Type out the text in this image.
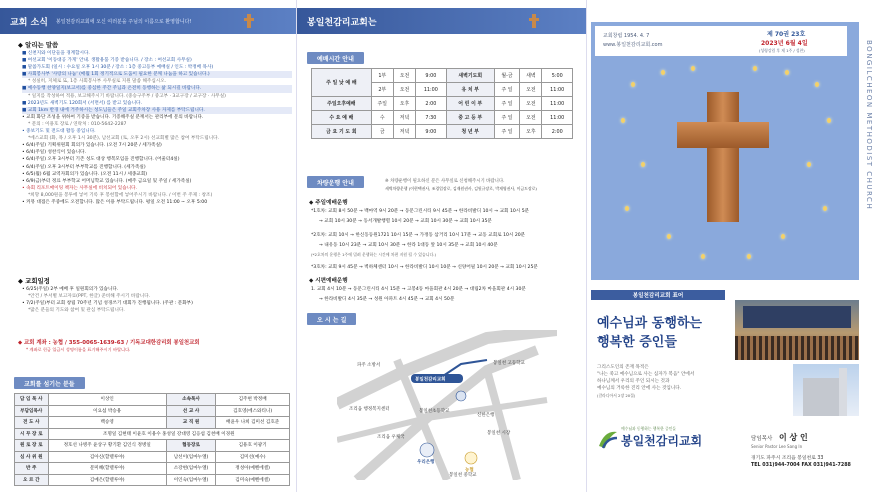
교회 소식 봉일천감리교회에 오신 여러분을 주님의 이름으로 환영합니다!
◆ 알리는 말씀
■ 신천지와 이단들을 경계합시다.
■ 여선교회 '이동대공 가게' 안내. 생활용품 기증 받습니다. / 장소 : 여선교회 사무실)
■ 말씀가도회 (일시 : 수요일 오후 1시 30분 / 장소 : 1층 중고등부 예배실 / 인도 : 박정배 목사)
■ 사회봉사부 '사랑의 나눔' (매월 1회 정기적으로 도움이 필요한 분께 나눔을 하고 있습니다.)
* 성실히, 지체로 또, 1층 사회봉사부 사무실로 지원 말씀 해주십시오.
■ 예수동행 찬양일지(보고서)를 중심한 주간 주님과 온전히 동행하는 삶 되시길 바랍니다.
* 일지를 작성하여 적용, 보고해주시기 바랍니다. (중승구주부 / 중고부 · 3교구장 / 교구장 · 사무실)
■ 2023년도 새벽기도 120회서 (서면서) 를 받고 있습니다.
■ 교회 1km 반경 내에 거주하시는 성도님들은 주일 교회주차장 사용 자제를 부탁드립니다.
• 교회 화단 조성을 위하여 기증을 받습니다. 기증해주실 분께서는 관리부에 문의 바랍니다.
* 문의 : 이용호 장로 / 연락처 : 010-5642-2287
• 중보기도 및 전도대 활동 중입니다.
*에스교회 (화, 목 / 오후 1시 30분), 남선교회 (토, 오후 2시) 선교회별 많은 참여 부탁드립니다.
• 6/4(주일) 기획위원회 회의가 있습니다. (오전 7시 20분 / 세가족실)
• 6/4(주일) 성찬식이 있습니다.
• 6/4(주일) 오후 3시부터 기존 성도 대상 행복모임을 진행합니다. (어울터4실)
• 6/4(주일) 오후 3시부터 부부학교를 진행합니다. (세가족실)
• 6/5(월) 6월 교역자회의가 있습니다. (오전 11시 / 세종교회)
• 6/9(금)부터 정료 부부학교 어머님학교 있습니다. (매주 금요일 및 주일 / 세가족실)
• 속회 리포트매이팅 책자는 사무실에 비치되어 있습니다.
*희망 8,000원을 봉투에 넣어 기록 후 봉헌함에 넣어주시기 바랍니다. / 이번 주 주제 : 창조)
• 커뮤 대접은 주중에도 오전합니다. 많은 이용 부탁드립니다. 평일 오전 11:00 ~ 오후 5:00
◆ 교회일정
• 6/25(주일) 2부 예배 후 일원회의가 있습니다.
*안건 / 부서별 보고자료(PPT, 한글) 준비해 주시기 바랍니다.
• 7/2(주일)부터 교회 창립 70주년 기념 성경쓰기 대회가 진행됩니다. (주관 : 문화부)
*많은 분들의 기도와 참여 및 관심 부탁드립니다.
◆ 교회 계좌 : 농협 / 355-0065-1639-63 / 기독교대한감리회 봉일천교회
* 계좌로 헌금 입금시 성명이름을 표기해주시기 바랍니다.
교회를 섬기는 분들
담 임 목 사	이상인	소속목사	김주현 박정배
부담임목사	이요섭 박승용	선 교 사	김호영(에스와티니)
전 도 사	백승영	교 직 원	배윤우 나희 김미선 김호준
시 무 장 로	조명일 김현태 이윤호 이용수 홍성일 강대영 김응섭 김천배 이경원		
원 로 장 로	정호선 나병주 윤상구 황기환 김인식 정병일	협동장로	김용호 이광기
심 사 위 원	김아신(할렐루야)	남선이(임마누엘)	김미선(예수)
반 주	문미혜(할렐루야)	소강현(임마누엘)	정성아(예벤에셀)
오 르 간	김예은(할렐루야)	이인숙(임마누엘)	김미숙(예벤에셀)
봉일천감리교회는
예배시간 안내
주 일 낮 예 배	1부	오전	9:00	새벽기도회	월-금	새벽	5:00
	2부	오전	11:00	유 치 부	주 일	오전	11:00
주일오후예배	주일	오후	2:00	어 린 이 부	주 일	오전	11:00
수 요 예 배	수	저녁	7:30	중 고 등 부	주 일	오전	11:00
금 요 기 도 회	금	저녁	9:00	청 년 부	주 일	오후	2:00
차량운행 안내	※ 차량운행이 필요하신 분은 사무실로 신청해주시기 바랍니다.
새벽차량운행 (이현택권사, 조경업장로, 김재원권사, 김원규장로, 박재영권사, 이금도장로)
◆ 주일예배운행
*1호차: 교회 8시 50분 → 백마역 9시 20분 → 동문그린시티 9시 45분 → 한라비발디 10시 → 교회 10시 5분
→ 교회 10시 30분 → 동서개발행렬 10시 20분 → 교회 10시 30분 → 교회 10시 35분
*2호차: 교회 10시 → 한신동등원1721 10시 15분 → 가정동 삼거리 10시 17분 → 교동 교회로 10시 20분
→ 내유동 10시 23분 → 교회 10시 30분 → 한라 1대동 앞 10시 35분 → 교회 10시 40분
(*2호차의 운행은 1주에 밀려 운행하는 시간에 차편 지원 될 수 있습니다.)
*3호차: 교회 9시 45분 → 벽하체센터 10시 → 한라비발디 10시 10분 → 신양어필 10시 20분 → 교회 10시 25분
◆ 시편예배운행
1. 교회 4시 10분 → 동문그린시티 4시 15분 → 고봉4동 마을회관 4시 20분 → 대림2차 마을회관 4시 30분
→ 한라비발디 4시 35분 → 성원 아파트 4시 45분 → 교회 4시 50분
오 시 는 길
봉일천감리교회
우리은행
농협
조리읍 행정복지센터
봉일천 고등학교
신한은행
봉일천초등학교
봉일천 시장
조리읍 우체국
파주 소방서
봉일천 중학교
교회창립 1954. 4. 7
www.봉일천감리교회.com
제 70권 23호
2023년 6월 4일
(성령강림 후 제 1주 / 성찬)	BONGILCHEON METHODIST CHURCH
봉일천감리교회 표어
예수님과 동행하는
행복한 증인들
그리스도인의 존재 목적은
"나는 죽고 예수님으로 사는 십자가 복음" 안에서
하나님께서 우리의 주인 되시는 것과
예수님의 거룩한 진리 안에 사는 것입니다.
(갈라디아서 2장 20절)
예수님과 동행하는 행복한 증인들
봉일천감리교회	담임목사 이 상 인
Senior Pastor Lee Sang In
경기도 파주시 조리읍 봉일천로 33
TEL 031)944-7004 FAX 031)941-7288
